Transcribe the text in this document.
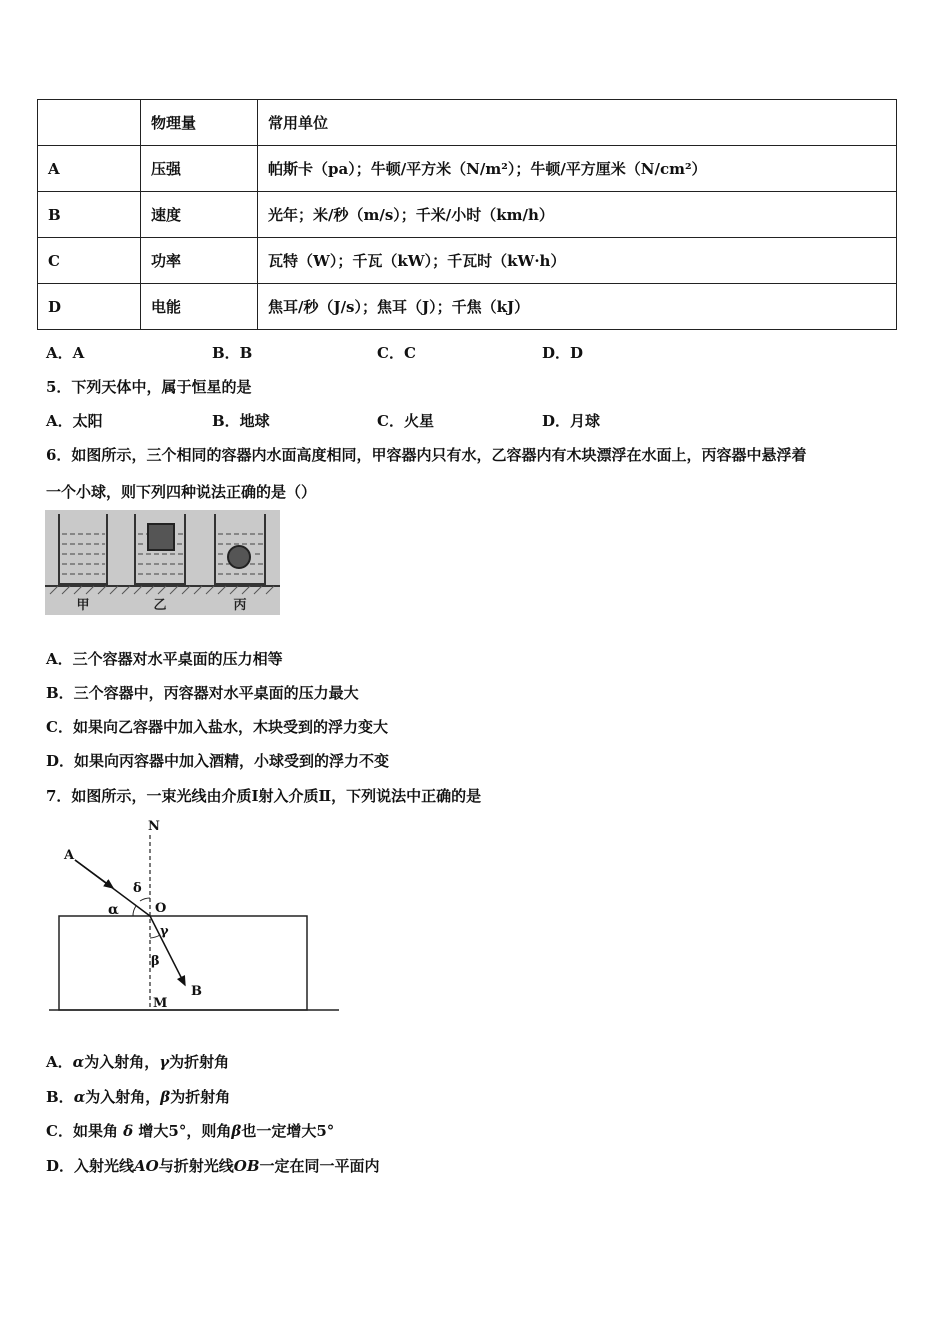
	物理量	常用单位
A	压强	帕斯卡（pa）；牛顿/平方米（N/m²）；牛顿/平方厘米（N/cm²）
B	速度	光年；米/秒（m/s）；千米/小时（km/h）
C	功率	瓦特（W）；千瓦（kW）；千瓦时（kW·h）
D	电能	焦耳/秒（J/s）；焦耳（J）；千焦（kJ）
A．A	B．B	C．C	D．D
5．下列天体中，属于恒星的是
A．太阳	B．地球	C．火星	D．月球
6．如图所示，三个相同的容器内水面高度相同，甲容器内只有水，乙容器内有木块漂浮在水面上，丙容器中悬浮着
一个小球，则下列四种说法正确的是（）
甲	乙	丙
A．三个容器对水平桌面的压力相等
B．三个容器中，丙容器对水平桌面的压力最大
C．如果向乙容器中加入盐水，木块受到的浮力变大
D．如果向丙容器中加入酒精，小球受到的浮力不变
7．如图所示，一束光线由介质Ⅰ射入介质Ⅱ，下列说法中正确的是
N
A
δ
α	O
γ
β
B
M
A．α为入射角，γ为折射角
B．α为入射角，β为折射角
C．如果角 δ 增大5°，则角β也一定增大5°
D．入射光线AO与折射光线OB一定在同一平面内
